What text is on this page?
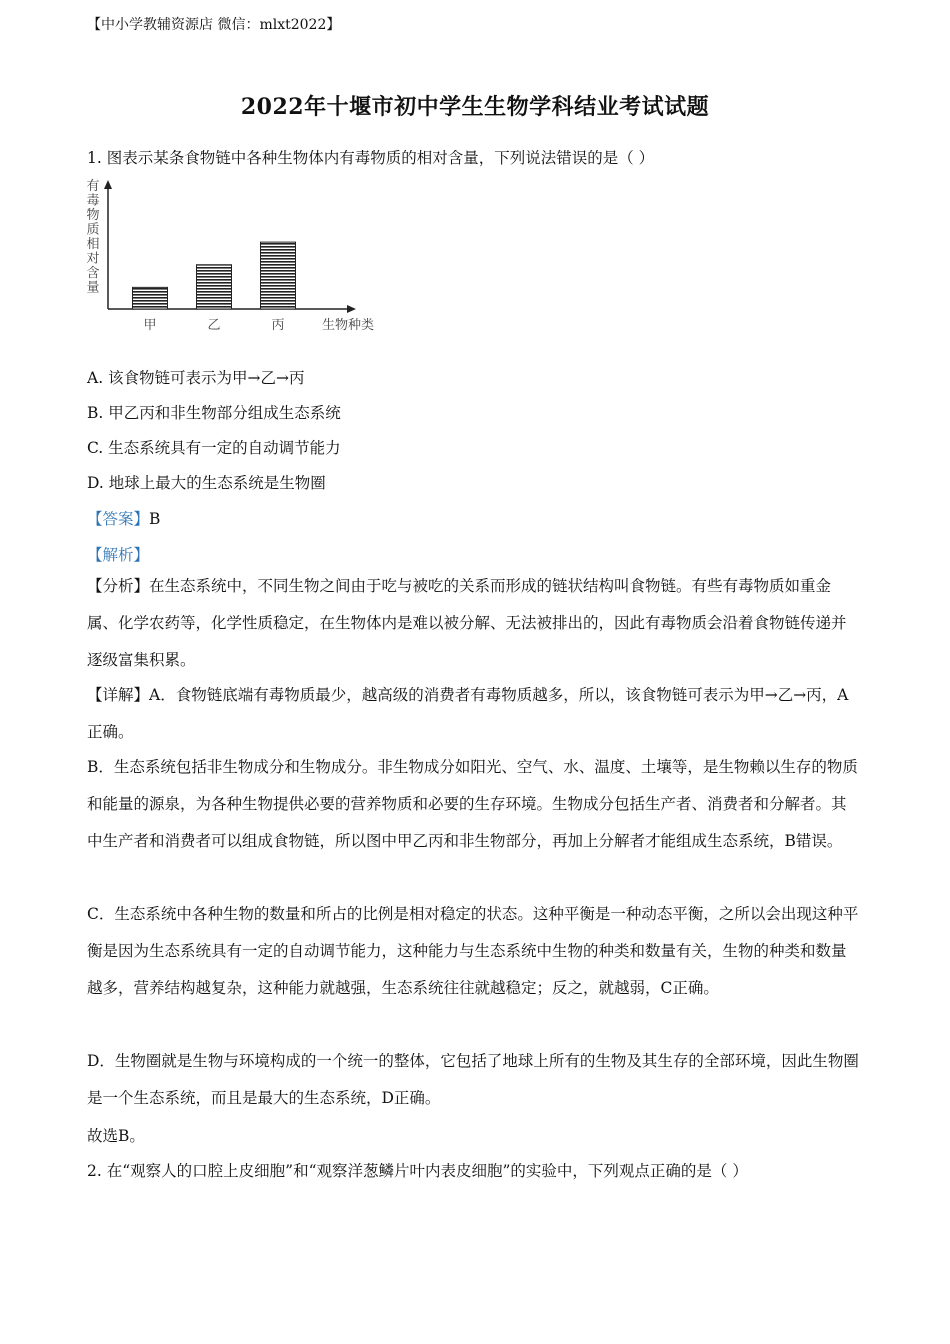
【中小学教辅资源店 微信：mlxt2022】
2022年十堰市初中学生生物学科结业考试试题
1. 图表示某条食物链中各种生物体内有毒物质的相对含量，下列说法错误的是（ ）
有
毒
物
质
相
对
含
量
甲	乙	丙	生物种类
A. 该食物链可表示为甲→乙→丙
B. 甲乙丙和非生物部分组成生态系统
C. 生态系统具有一定的自动调节能力
D. 地球上最大的生态系统是生物圈
【答案】B
【解析】
【分析】在生态系统中，不同生物之间由于吃与被吃的关系而形成的链状结构叫食物链。有些有毒物质如重金属、化学农药等，化学性质稳定，在生物体内是难以被分解、无法被排出的，因此有毒物质会沿着食物链传递并逐级富集积累。
【详解】A．食物链底端有毒物质最少，越高级的消费者有毒物质越多，所以，该食物链可表示为甲→乙→丙，A正确。
B．生态系统包括非生物成分和生物成分。非生物成分如阳光、空气、水、温度、土壤等，是生物赖以生存的物质和能量的源泉，为各种生物提供必要的营养物质和必要的生存环境。生物成分包括生产者、消费者和分解者。其中生产者和消费者可以组成食物链，所以图中甲乙丙和非生物部分，再加上分解者才能组成生态系统，B错误。
C．生态系统中各种生物的数量和所占的比例是相对稳定的状态。这种平衡是一种动态平衡，之所以会出现这种平衡是因为生态系统具有一定的自动调节能力，这种能力与生态系统中生物的种类和数量有关，生物的种类和数量越多，营养结构越复杂，这种能力就越强，生态系统往往就越稳定；反之，就越弱，C正确。
D．生物圈就是生物与环境构成的一个统一的整体，它包括了地球上所有的生物及其生存的全部环境，因此生物圈是一个生态系统，而且是最大的生态系统，D正确。
故选B。
2. 在“观察人的口腔上皮细胞”和“观察洋葱鳞片叶内表皮细胞”的实验中，下列观点正确的是（ ）
